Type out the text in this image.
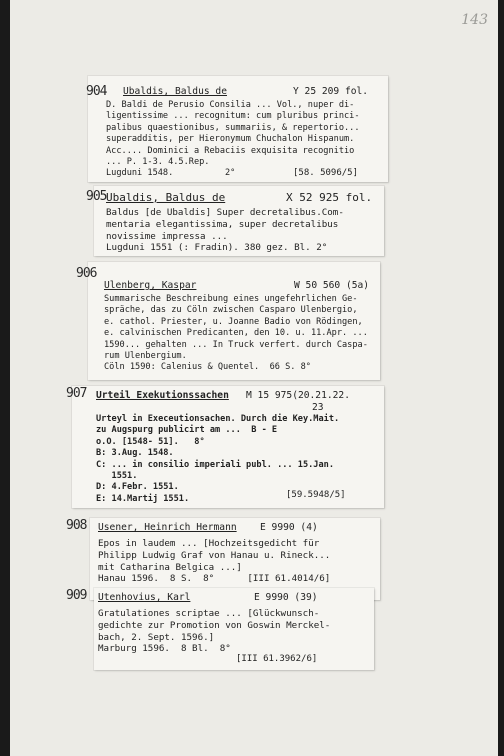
143
904 Ubaldis, Baldus de	Y 25 209 fol.
D. Baldi de Perusio Consilia ... Vol., nuper di-
ligentissime ... recognitum: cum pluribus princi-
palibus quaestionibus, summariis, & repertorio...
superadditis, per Hieronymum Chuchalon Hispanum.
Acc.... Dominici a Rebaciis exquisita recognitio
... P. 1-3. 4.5.Rep.
Lugduni 1548.          2°	[58. 5096/5]
905 Ubaldis, Baldus de	X 52 925 fol.
Baldus [de Ubaldis] Super decretalibus.Com-
mentaria elegantissima, super decretalibus
novissime impressa ...
Lugduni 1551 (: Fradin). 380 gez. Bl. 2°
906
Ulenberg, Kaspar	W 50 560 (5a)
Summarische Beschreibung eines ungefehrlichen Ge-
spräche, das zu Cöln zwischen Casparo Ulenbergio,
e. cathol. Priester, u. Joanne Badio von Rödingen,
e. calvinischen Predicanten, den 10. u. 11.Apr. ...
1590... gehalten ... In Truck verfert. durch Caspa-
rum Ulenbergium.
Cöln 1590: Calenius & Quentel.  66 S. 8°
907 Urteil Exekutionssachen M 15 975(20.21.22.
23
Urteyl in Execeutionsachen. Durch die Key.Mait.
zu Augspurg publicirt am ...  B - E
o.O. [1548- 51].   8°
B: 3.Aug. 1548.
C: ... in consilio imperiali publ. ... 15.Jan.
1551.
D: 4.Febr. 1551.
E: 14.Martij 1551.	[59.5948/5]
908 Usener, Heinrich Hermann E 9990 (4)
Epos in laudem ... [Hochzeitsgedicht für
Philipp Ludwig Graf von Hanau u. Rineck...
mit Catharina Belgica ...]
Hanau 1596.  8 S.  8°      [III 61.4014/6]
909 Utenhovius, Karl	E 9990 (39)
Gratulationes scriptae ... [Glückwunsch-
gedichte zur Promotion von Goswin Merckel-
bach, 2. Sept. 1596.]
Marburg 1596.  8 Bl.  8°
[III 61.3962/6]
